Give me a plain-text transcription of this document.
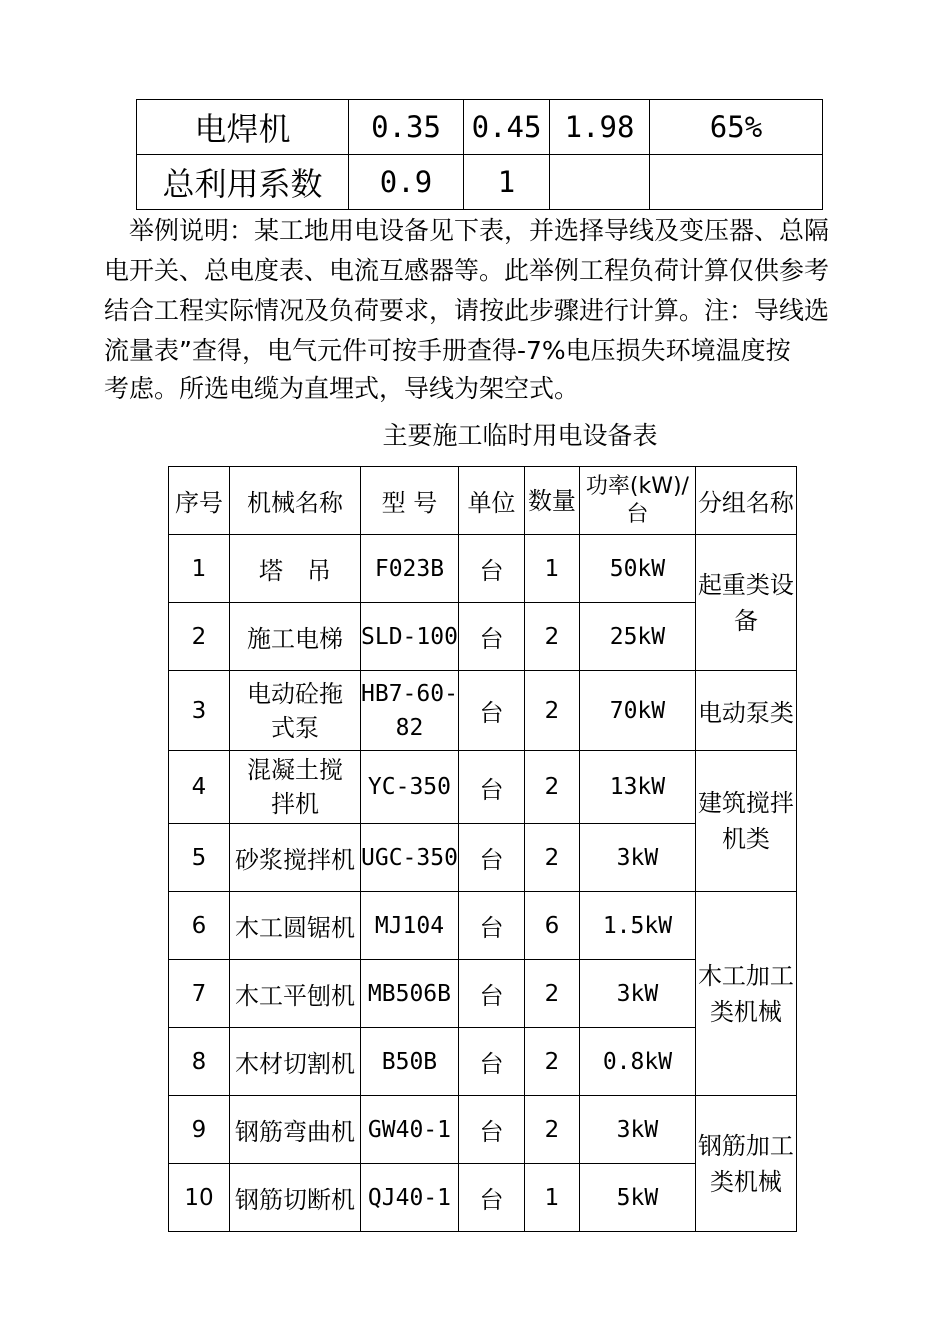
电焊机	0.35	0.45	1.98	65%
总利用系数	0.9	1		
　举例说明：某工地用电设备见下表，并选择导线及变压器、总隔
电开关、总电度表、电流互感器等。此举例工程负荷计算仅供参考
结合工程实际情况及负荷要求，请按此步骤进行计算。注：导线选
流量表”查得，电气元件可按手册查得-7%电压损失环境温度按
考虑。所选电缆为直埋式，导线为架空式。
主要施工临时用电设备表
序号	机械名称	型 号	单位	数量	功率(kW)/台	分组名称
1	塔　吊	F023B	台	1	50kW	起重类设备
2	施工电梯	SLD-100	台	2	25kW	
3	电动砼拖式泵	HB7-60-82	台	2	70kW	电动泵类
4	混凝土搅拌机	YC-350	台	2	13kW	建筑搅拌机类
5	砂浆搅拌机	UGC-350	台	2	3kW	
6	木工圆锯机	MJ104	台	6	1.5kW	木工加工类机械
7	木工平刨机	MB506B	台	2	3kW	
8	木材切割机	B50B	台	2	0.8kW	
9	钢筋弯曲机	GW40-1	台	2	3kW	钢筋加工类机械
10	钢筋切断机	QJ40-1	台	1	5kW	
